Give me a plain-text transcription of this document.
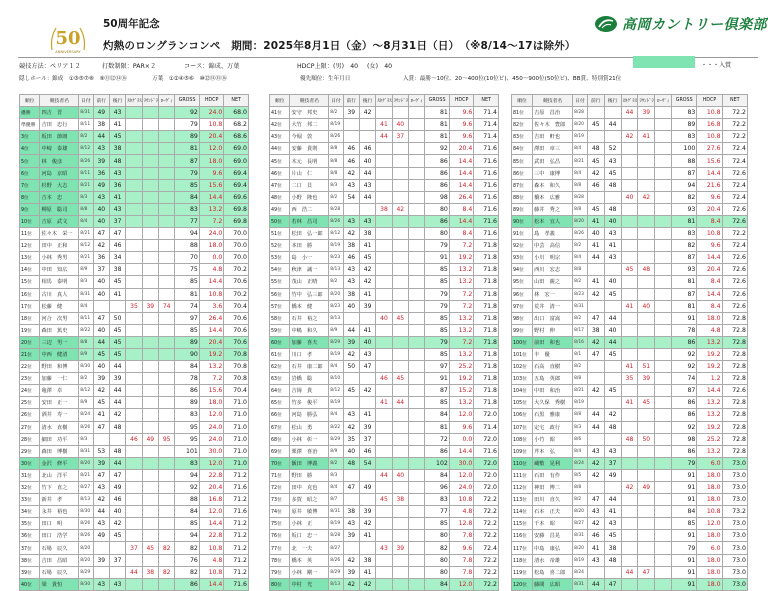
50
ANNIVERSARY
50周年記念
灼熱のロングランコンペ　期間：2025年8月1日（金）～8月31日（日）　（※8/14～17は除外）
高岡カントリー倶楽部
競技方法：ペリア１２	打数制限：PAR×２	コース：錦成、万葉	HDCP上限：(男)　40 (女)　40	・・・入賞
隠しホール： 錦成　①③⑤⑦⑧　⑨⑪⑫⑭⑯	万葉　①②④⑤⑥　⑩⑫⑭⑮⑯	優先順位：生年月日	入賞：最勝～10位、20～400位(10位ピ)、450～900位(50位ピ)、BB賞、特別賞21位
順位	競技者名	日付	前行	後行	ｽﾀｸﾞﾗｽ	ﾗｳﾝﾄﾞﾗ	ﾛｰｳﾞｨ	GROSS	HDCP	NET
優勝	四吉　晋	8/31	49	43				92	24.0	68.0
準優勝	吉田　忠行	8/11	38	41				79	10.8	68.2
3位	坂田　節朗	8/2	44	45				89	20.4	68.6
4位	中崎　泰雄	8/12	43	38				81	12.0	69.0
5位	林　俊彦	8/26	39	48				87	18.0	69.0
6位	河島　京昭	8/11	36	43				79	9.6	69.4
7位	杉野　大志	8/21	49	36				85	15.6	69.4
8位	吉本　忠	8/3	43	41				84	14.4	69.6
9位	柳原　聡司	8/8	40	43				83	13.2	69.8
10位	吉原　武文	8/4	40	37				77	7.2	69.8
11位	佐々木　栄一	8/21	47	47				94	24.0	70.0
12位	田中　正和	8/12	42	46				88	18.0	70.0
13位	小林　秀男	8/21	36	34				70	0.0	70.0
14位	中田　知広	8/9	37	38				75	4.8	70.2
15位	相馬　泰明	8/3	40	45				85	14.4	70.6
16位	古川　真人	8/31	40	41				81	10.8	70.2
17位	松藤　健	8/4			35	39	74	74	3.6	70.4
18位	河合　次男	8/11	47	50				97	26.4	70.6
19位	森田　篤史	8/22	40	45				85	14.4	70.6
20位	三辺　男一	8/8	44	45				89	20.4	70.6
21位	中西　健清	8/9	45	45				90	19.2	70.8
22位	野田　和博	8/30	40	44				84	13.2	70.8
23位	加藤　一仁	8/2	39	39				78	7.2	70.8
24位	亀澤　卓	8/12	42	44				86	15.6	70.4
25位	安田　正一	8/9	45	44				89	18.0	71.0
26位	酒井　寿一	8/24	41	42				83	12.0	71.0
27位	清水　直樹	8/26	47	48				95	24.0	71.0
28位	細田　功平	8/3			46	49	95	95	24.0	71.0
29位	森田　博樹	8/31	53	48				101	30.0	71.0
30位	金沢　修平	8/20	39	44				83	12.0	71.0
31位	北山　洋平	8/21	47	47				94	22.8	71.2
32位	竹下　直之	8/27	43	49				92	20.4	71.6
33位	新井　孝	8/13	42	46				88	16.8	71.2
34位	永井　裕也	8/30	44	40				84	12.0	71.6
35位	田口　明	8/26	43	42				85	14.4	71.2
36位	田口　浩学	8/26	49	45				94	22.8	71.2
37位	石場　辰久	8/20			37	45	82	82	10.8	71.2
38位	吉田　昌昭	8/20	39	37				76	4.8	71.2
39位	石場　辰久	8/29			44	38	82	82	10.8	71.2
40位	梁　貴恒	8/30	43	43				86	14.4	71.6
順位	競技者名	日付	前行	後行	ｽﾀｸﾞﾗｽ	ﾗｳﾝﾄﾞﾗ	ﾛｰｳﾞｨ	GROSS	HDCP	NET
41位	安守　邦史	8/2	39	42				81	9.6	71.4
42位	大竹　邦二	8/19			41	40		81	9.6	71.4
43位	今堀　敦	8/26			44	37		81	9.6	71.4
44位	安藤　貴則	8/8	46	46				92	20.4	71.6
45位	木元　長明	8/8	46	40				86	14.4	71.6
46位	片山　仁	8/8	42	44				86	14.4	71.6
47位	二口　貝	8/3	43	43				86	14.4	71.6
48位	小野　隆也	8/2	54	44				98	26.4	71.6
49位	西　浩二	8/28			38	42		80	8.4	71.6
50位	若林　昌司	8/26	43	43				86	14.4	71.6
51位	松田　弘一郎	8/12	42	38				80	8.4	71.6
52位	本田　勝	8/19	38	41				79	7.2	71.8
53位	島　小一	8/23	46	45				91	19.2	71.8
54位	秋津　誠一	8/13	43	42				85	13.2	71.8
55位	茂山　正晴	8/2	43	42				85	13.2	71.8
56位	竹中　弘三郎	8/20	38	41				79	7.2	71.8
57位	橋本　健	8/23	40	39				79	7.2	71.8
58位	石井　裕之	8/13			40	45		85	13.2	71.8
59位	中嶋　和久	8/9	44	41				85	13.2	71.8
60位	加藤　喜夫	8/29	39	40				79	7.2	71.8
61位	川口　孝	8/19	42	43				85	13.2	71.8
62位	石井　康二郎	8/4	50	47				97	25.2	71.8
63位	岩橋　聡	8/10			46	45		91	19.2	71.8
64位	吉岡　貴	8/12	45	42				87	15.2	71.8
65位	竹多　俊平	8/19			41	44		85	13.2	71.8
66位	河島　勝弘	8/4	43	41				84	12.0	72.0
67位	松山　勇	8/22	42	39				81	9.6	71.4
68位	小林　彰一	8/29	35	37				72	0.0	72.0
69位	栗澤　喜治	8/9	40	46				86	14.4	71.6
70位	飯田　博義	8/2	48	54				102	30.0	72.0
71位	野田　勝	8/3			44	40		84	12.0	72.0
72位	田中　克也	8/4	47	49				96	24.0	72.0
73位	多賀　昭之	8/7			45	38		83	10.8	72.2
74位	原井　敏博	8/31	38	39				77	4.8	72.2
75位	小林　正	8/19	43	42				85	12.8	72.2
76位	坂口　忠一	8/28	39	41				80	7.8	72.2
77位	北　一夫	8/27			43	39		82	9.6	72.4
78位	橋本　英	8/26	42	38				80	7.8	72.2
79位	小林　剛一	8/29	39	41				80	7.8	72.2
80位	中村　光	8/13	42	42				84	12.0	72.2
順位	競技者名	日付	前行	後行	ｽﾀｸﾞﾗｽ	ﾗｳﾝﾄﾞﾗ	ﾛｰｳﾞｨ	GROSS	HDCP	NET
81位	吉原　昌治	8/28			44	39		83	10.8	72.2
82位	佐々木　豊郎	8/20	45	44				89	16.8	72.2
83位	吉田　軒也	8/19			42	41		83	10.8	72.2
84位	澤田　章三	8/4	48	52				100	27.6	72.4
85位	武田　弘昌	8/21	45	43				88	15.6	72.4
86位	三中　康博	8/4	42	45				87	14.4	72.6
87位	森本　和久	8/8	46	48				94	21.6	72.4
88位	橋本　広雅	8/28			40	42		82	9.6	72.4
89位	藤井　秀之	8/8	45	48				93	20.4	72.6
90位	松本　宜人	8/20	41	40				81	8.4	72.6
91位	島　孝義	8/26	40	43				83	10.8	72.2
92位	中芸　高信	8/2	41	41				82	9.6	72.4
93位	小川　明宗	8/4	44	43				87	14.4	72.6
94位	西川　宏志	8/8			45	48		93	20.4	72.6
95位	山田　親之	8/2	41	40				81	8.4	72.6
96位	林　宏一	8/23	42	45				87	14.4	72.6
97位	荒井　清一	8/31			41	40		81	8.4	72.6
98位	出口　富嵩	8/2	47	44				91	18.0	72.8
99位	野村　伸	8/17	38	40				78	4.8	72.8
100位	前田　和也	8/16	42	44				86	13.2	72.8
101位	丰　優	8/1	47	45				92	19.2	72.8
102位	石高　直樹	8/2			41	51		92	19.2	72.8
103位	五島　英郎	8/8			35	39		74	1.2	72.8
104位	中田　和治	8/21	42	45				87	14.4	72.6
105位	大久保　秀樹	8/19			41	45		86	13.2	72.8
106位	石黒　雅康	8/8	44	42				86	13.2	72.8
107位	定宅　政行	8/3	44	48				92	19.2	72.8
108位	小竹　昭	8/6			48	50		98	25.2	72.8
109位	芹本　弘	8/4	43	43				86	13.2	72.8
110位	蔵敷　晃利	8/24	42	37				79	6.0	73.0
111位	石田　有作	8/5	42	49				91	18.0	73.0
112位	神田　博二	8/8			42	49		91	18.0	73.0
113位	田川　直久	8/2	47	44				91	18.0	73.0
114位	石本　正夫	8/20	43	41				84	10.8	73.2
115位	千本　昭	8/27	42	43				85	12.0	73.0
116位	安藤　昌晃	8/31	46	45				91	18.0	73.0
117位	中島　康弘	8/20	41	38				79	6.0	73.0
118位	清水　帝雄	8/19	43	48				91	18.0	73.0
119位	松島　喜二郎	8/24			44	47		91	18.0	73.0
120位	藤間　広昭	8/31	44	47				91	18.0	73.0
